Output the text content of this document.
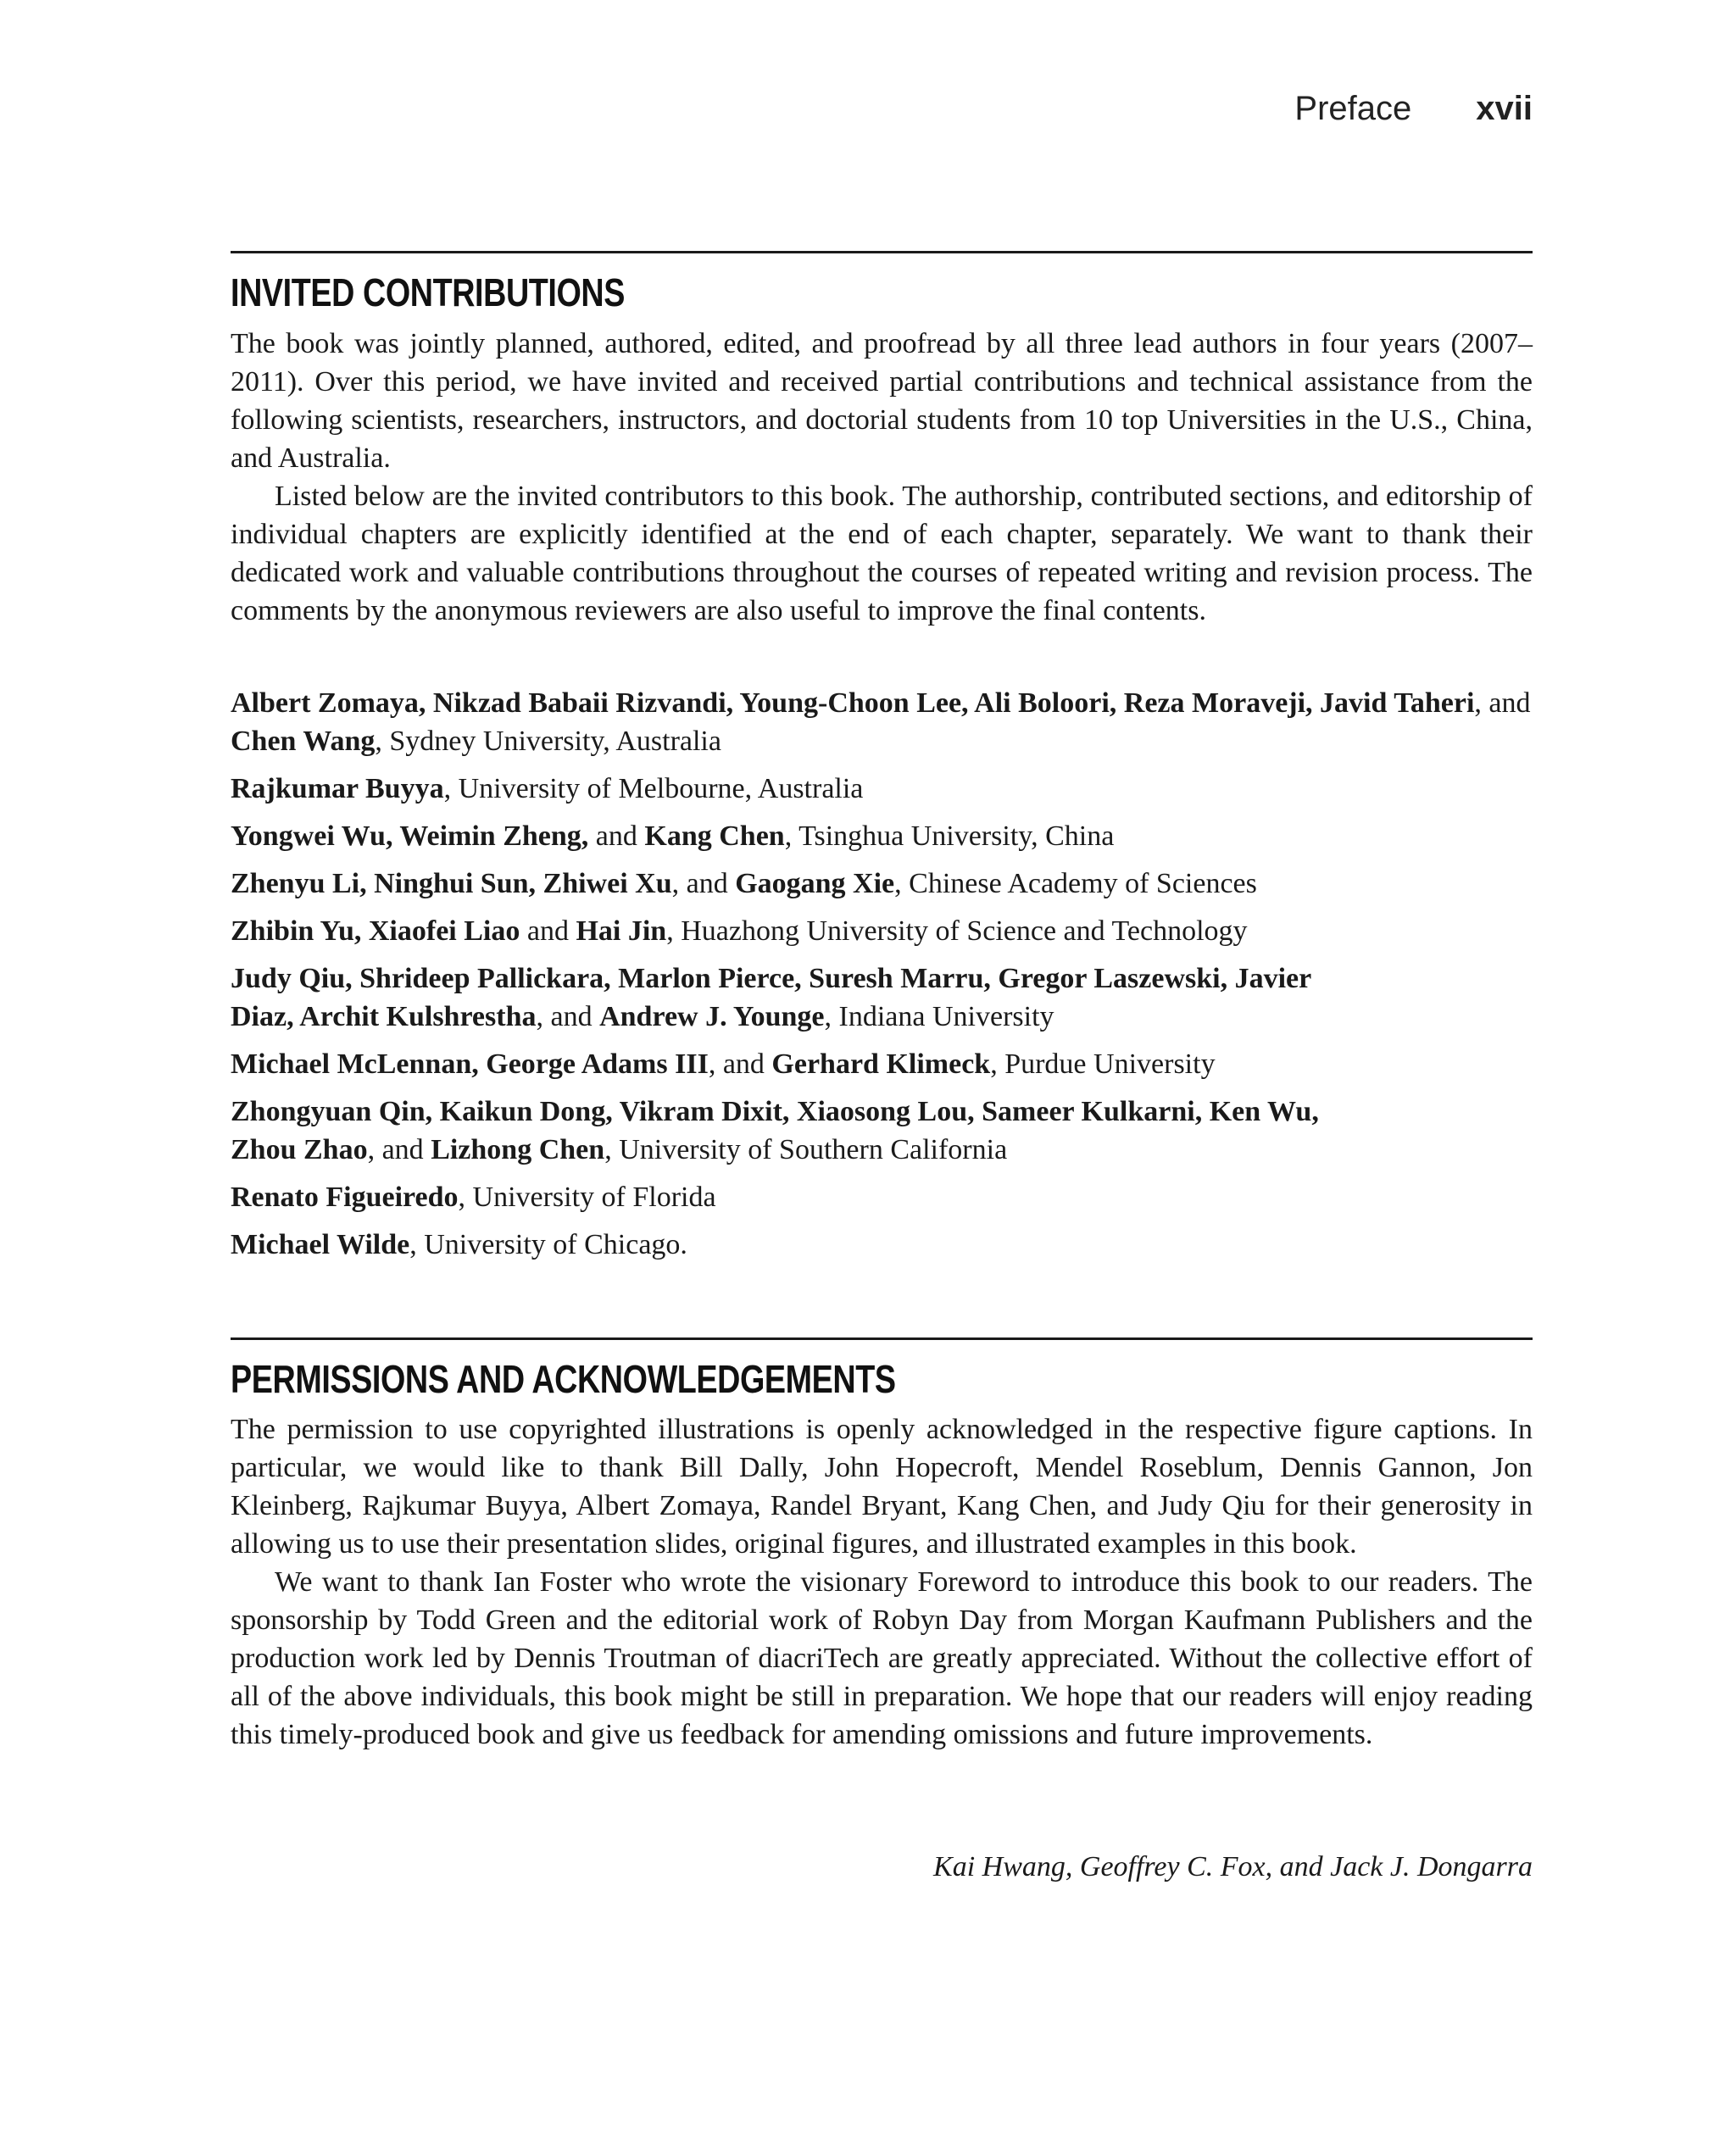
Preface xvii
INVITED CONTRIBUTIONS

The book was jointly planned, authored, edited, and proofread by all three lead authors in four years (2007–2011). Over this period, we have invited and received partial contributions and technical assistance from the following scientists, researchers, instructors, and doctorial students from 10 top Universities in the U.S., China, and Australia.

Listed below are the invited contributors to this book. The authorship, contributed sections, and editorship of individual chapters are explicitly identified at the end of each chapter, separately. We want to thank their dedicated work and valuable contributions throughout the courses of repeated writing and revision process. The comments by the anonymous reviewers are also useful to improve the final contents.

Albert Zomaya, Nikzad Babaii Rizvandi, Young-Choon Lee, Ali Boloori, Reza Moraveji, Javid Taheri, and Chen Wang, Sydney University, Australia

Rajkumar Buyya, University of Melbourne, Australia

Yongwei Wu, Weimin Zheng, and Kang Chen, Tsinghua University, China

Zhenyu Li, Ninghui Sun, Zhiwei Xu, and Gaogang Xie, Chinese Academy of Sciences

Zhibin Yu, Xiaofei Liao and Hai Jin, Huazhong University of Science and Technology

Judy Qiu, Shrideep Pallickara, Marlon Pierce, Suresh Marru, Gregor Laszewski, Javier Diaz, Archit Kulshrestha, and Andrew J. Younge, Indiana University

Michael McLennan, George Adams III, and Gerhard Klimeck, Purdue University

Zhongyuan Qin, Kaikun Dong, Vikram Dixit, Xiaosong Lou, Sameer Kulkarni, Ken Wu, Zhou Zhao, and Lizhong Chen, University of Southern California

Renato Figueiredo, University of Florida

Michael Wilde, University of Chicago.

PERMISSIONS AND ACKNOWLEDGEMENTS

The permission to use copyrighted illustrations is openly acknowledged in the respective figure captions. In particular, we would like to thank Bill Dally, John Hopecroft, Mendel Roseblum, Dennis Gannon, Jon Kleinberg, Rajkumar Buyya, Albert Zomaya, Randel Bryant, Kang Chen, and Judy Qiu for their generosity in allowing us to use their presentation slides, original figures, and illustrated examples in this book.

We want to thank Ian Foster who wrote the visionary Foreword to introduce this book to our readers. The sponsorship by Todd Green and the editorial work of Robyn Day from Morgan Kaufmann Publishers and the production work led by Dennis Troutman of diacriTech are greatly appreciated. Without the collective effort of all of the above individuals, this book might be still in preparation. We hope that our readers will enjoy reading this timely-produced book and give us feedback for amending omissions and future improvements.

Kai Hwang, Geoffrey C. Fox, and Jack J. Dongarra
